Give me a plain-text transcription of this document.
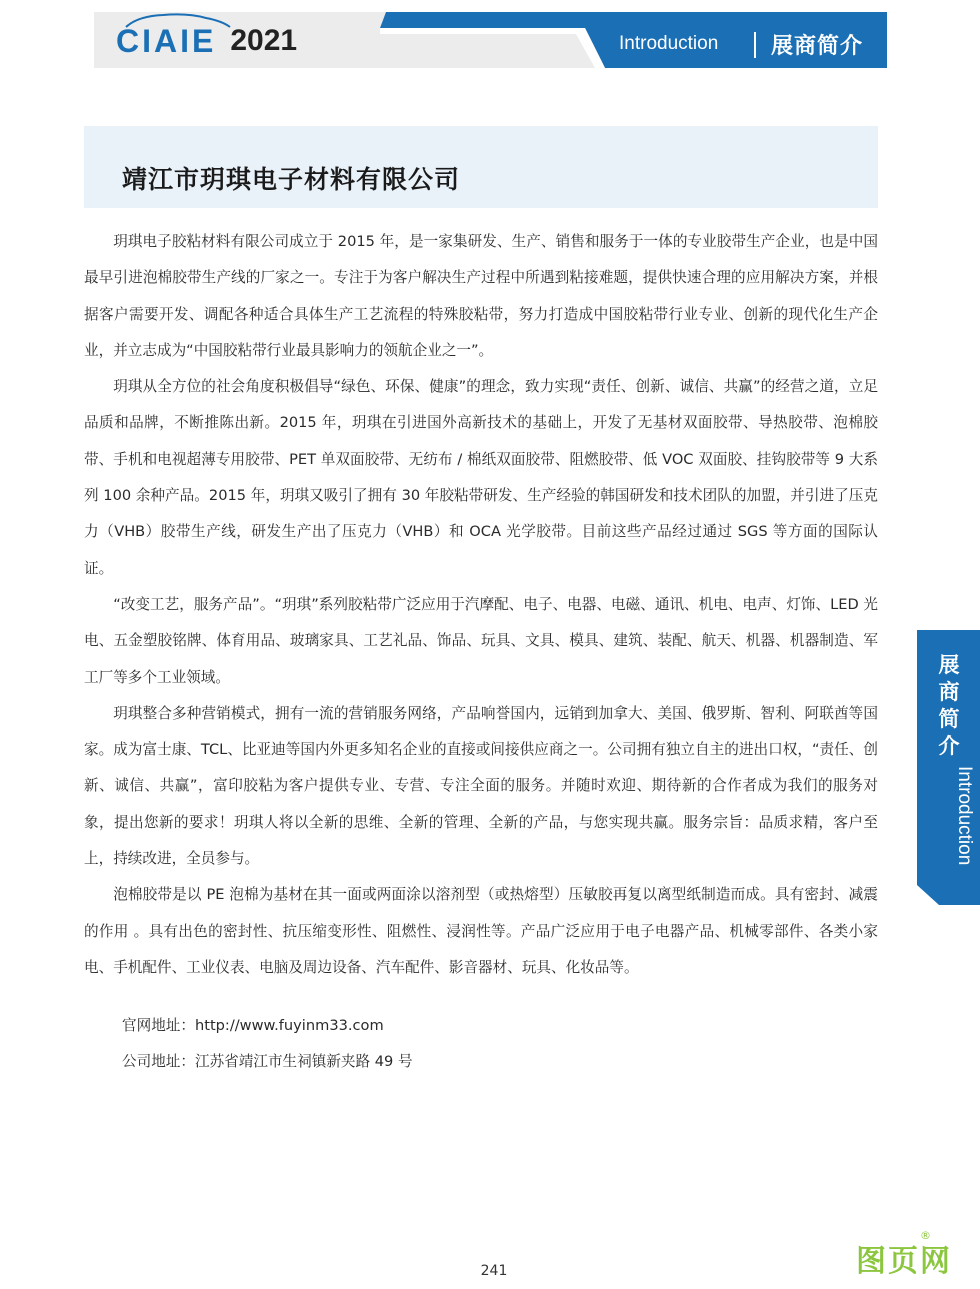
CIAIE 2021	Introduction 展商简介
靖江市玥琪电子材料有限公司

玥琪电子胶粘材料有限公司成立于 2015 年，是一家集研发、生产、销售和服务于一体的专业胶带生产企业，也是中国最早引进泡棉胶带生产线的厂家之一。专注于为客户解决生产过程中所遇到粘接难题，提供快速合理的应用解决方案，并根据客户需要开发、调配各种适合具体生产工艺流程的特殊胶粘带，努力打造成中国胶粘带行业专业、创新的现代化生产企业，并立志成为“中国胶粘带行业最具影响力的领航企业之一”。

玥琪从全方位的社会角度积极倡导“绿色、环保、健康”的理念，致力实现“责任、创新、诚信、共赢”的经营之道，立足品质和品牌，不断推陈出新。2015 年，玥琪在引进国外高新技术的基础上，开发了无基材双面胶带、导热胶带、泡棉胶带、手机和电视超薄专用胶带、PET 单双面胶带、无纺布 / 棉纸双面胶带、阻燃胶带、低 VOC 双面胶、挂钩胶带等 9 大系列 100 余种产品。2015 年，玥琪又吸引了拥有 30 年胶粘带研发、生产经验的韩国研发和技术团队的加盟，并引进了压克力（VHB）胶带生产线，研发生产出了压克力（VHB）和 OCA 光学胶带。目前这些产品经过通过 SGS 等方面的国际认证。

“改变工艺，服务产品”。“玥琪”系列胶粘带广泛应用于汽摩配、电子、电器、电磁、通讯、机电、电声、灯饰、LED 光电、五金塑胶铭牌、体育用品、玻璃家具、工艺礼品、饰品、玩具、文具、模具、建筑、装配、航天、机器、机器制造、军工厂等多个工业领域。

玥琪整合多种营销模式，拥有一流的营销服务网络，产品响誉国内，远销到加拿大、美国、俄罗斯、智利、阿联酋等国家。成为富士康、TCL、比亚迪等国内外更多知名企业的直接或间接供应商之一。公司拥有独立自主的进出口权，“责任、创新、诚信、共赢”，富印胶粘为客户提供专业、专营、专注全面的服务。并随时欢迎、期待新的合作者成为我们的服务对象，提出您新的要求！玥琪人将以全新的思维、全新的管理、全新的产品，与您实现共赢。服务宗旨：品质求精，客户至上，持续改进，全员参与。

泡棉胶带是以 PE 泡棉为基材在其一面或两面涂以溶剂型（或热熔型）压敏胶再复以离型纸制造而成。具有密封、减震的作用 。具有出色的密封性、抗压缩变形性、阻燃性、浸润性等。产品广泛应用于电子电器产品、机械零部件、各类小家电、手机配件、工业仪表、电脑及周边设备、汽车配件、影音器材、玩具、化妆品等。

官网地址：http://www.fuyinm33.com
公司地址：江苏省靖江市生祠镇新夹路 49 号
展商简介
Introduction
241	图页网
®
